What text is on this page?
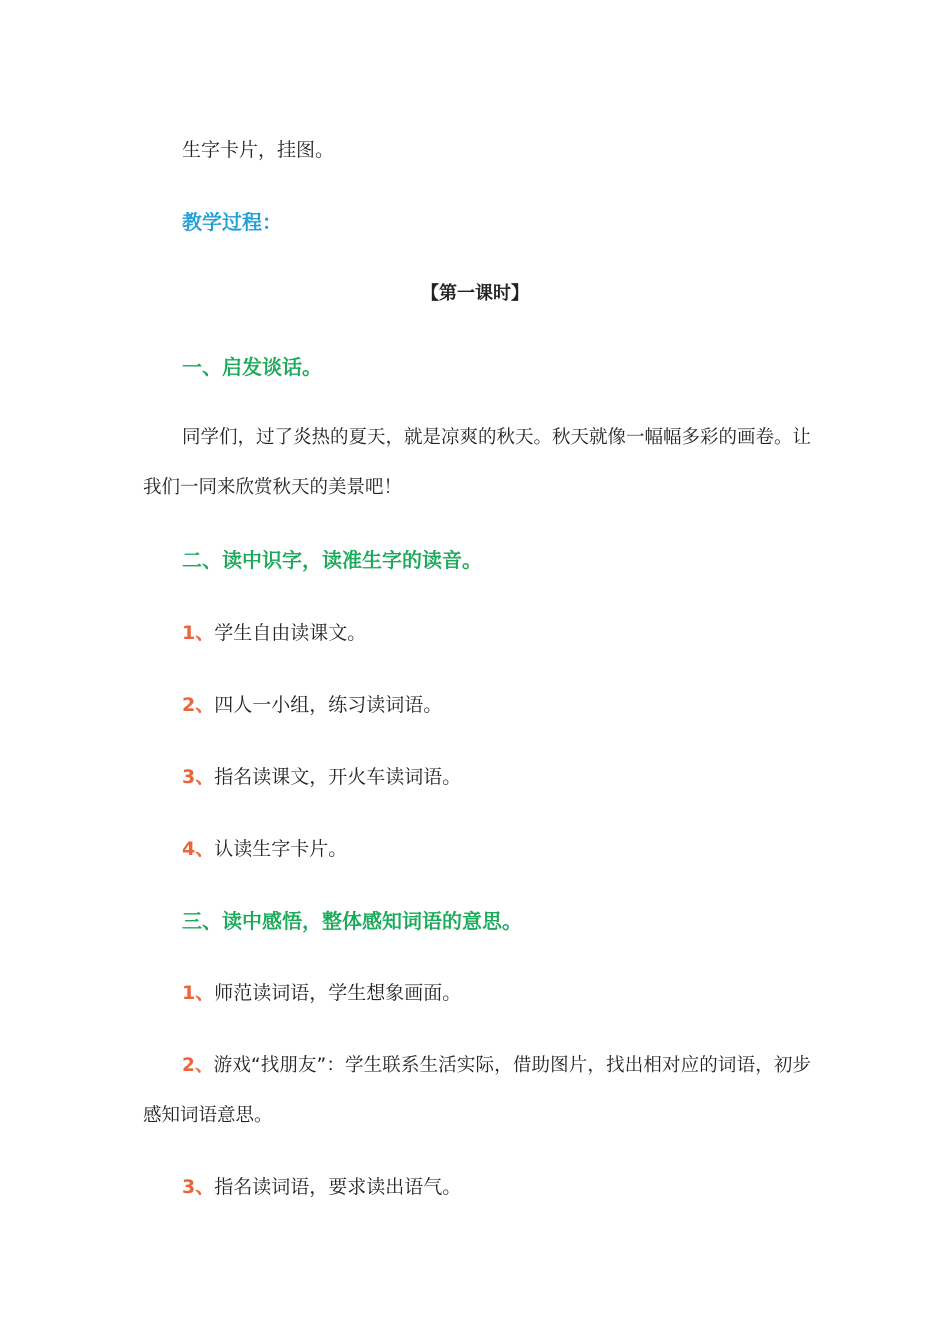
生字卡片，挂图。
教学过程：
【第一课时】
一、启发谈话。
同学们，过了炎热的夏天，就是凉爽的秋天。秋天就像一幅幅多彩的画卷。让我们一同来欣赏秋天的美景吧！
二、读中识字，读准生字的读音。
1、学生自由读课文。
2、四人一小组，练习读词语。
3、指名读课文，开火车读词语。
4、认读生字卡片。
三、读中感悟，整体感知词语的意思。
1、师范读词语，学生想象画面。
2、游戏“找朋友”：学生联系生活实际，借助图片，找出相对应的词语，初步感知词语意思。
3、指名读词语，要求读出语气。
